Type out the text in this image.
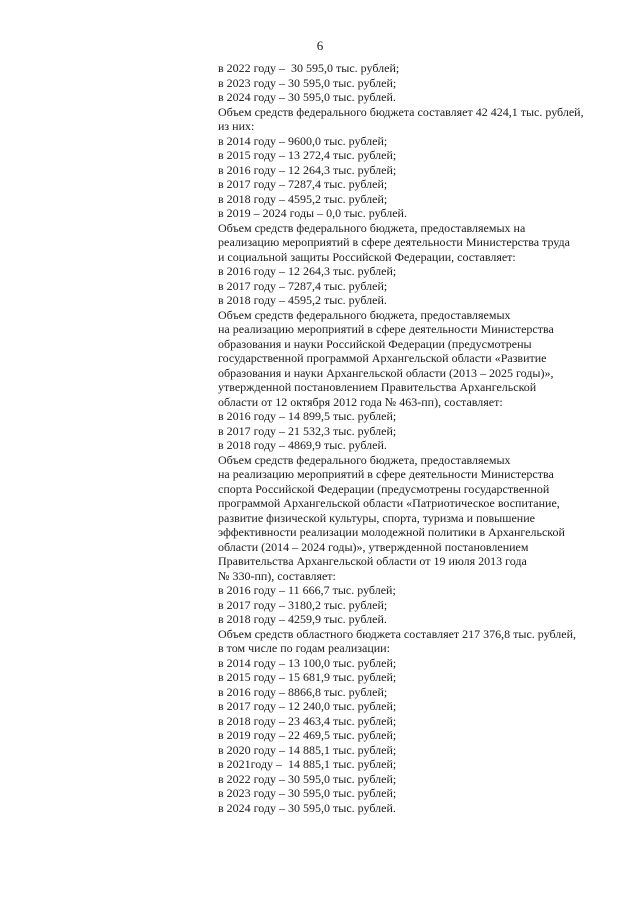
6
в 2022 году –  30 595,0 тыс. рублей;
в 2023 году – 30 595,0 тыс. рублей;
в 2024 году – 30 595,0 тыс. рублей.
Объем средств федерального бюджета составляет 42 424,1 тыс. рублей,
из них:
в 2014 году – 9600,0 тыс. рублей;
в 2015 году – 13 272,4 тыс. рублей;
в 2016 году – 12 264,3 тыс. рублей;
в 2017 году – 7287,4 тыс. рублей;
в 2018 году – 4595,2 тыс. рублей;
в 2019 – 2024 годы – 0,0 тыс. рублей.
Объем средств федерального бюджета, предоставляемых на
реализацию мероприятий в сфере деятельности Министерства труда
и социальной защиты Российской Федерации, составляет:
в 2016 году – 12 264,3 тыс. рублей;
в 2017 году – 7287,4 тыс. рублей;
в 2018 году – 4595,2 тыс. рублей.
Объем средств федерального бюджета, предоставляемых
на реализацию мероприятий в сфере деятельности Министерства
образования и науки Российской Федерации (предусмотрены
государственной программой Архангельской области «Развитие
образования и науки Архангельской области (2013 – 2025 годы)»,
утвержденной постановлением Правительства Архангельской
области от 12 октября 2012 года № 463-пп), составляет:
в 2016 году – 14 899,5 тыс. рублей;
в 2017 году – 21 532,3 тыс. рублей;
в 2018 году – 4869,9 тыс. рублей.
Объем средств федерального бюджета, предоставляемых
на реализацию мероприятий в сфере деятельности Министерства
спорта Российской Федерации (предусмотрены государственной
программой Архангельской области «Патриотическое воспитание,
развитие физической культуры, спорта, туризма и повышение
эффективности реализации молодежной политики в Архангельской
области (2014 – 2024 годы)», утвержденной постановлением
Правительства Архангельской области от 19 июля 2013 года
№ 330-пп), составляет:
в 2016 году – 11 666,7 тыс. рублей;
в 2017 году – 3180,2 тыс. рублей;
в 2018 году – 4259,9 тыс. рублей.
Объем средств областного бюджета составляет 217 376,8 тыс. рублей,
в том числе по годам реализации:
в 2014 году – 13 100,0 тыс. рублей;
в 2015 году – 15 681,9 тыс. рублей;
в 2016 году – 8866,8 тыс. рублей;
в 2017 году – 12 240,0 тыс. рублей;
в 2018 году – 23 463,4 тыс. рублей;
в 2019 году – 22 469,5 тыс. рублей;
в 2020 году – 14 885,1 тыс. рублей;
в 2021году –  14 885,1 тыс. рублей;
в 2022 году – 30 595,0 тыс. рублей;
в 2023 году – 30 595,0 тыс. рублей;
в 2024 году – 30 595,0 тыс. рублей.
